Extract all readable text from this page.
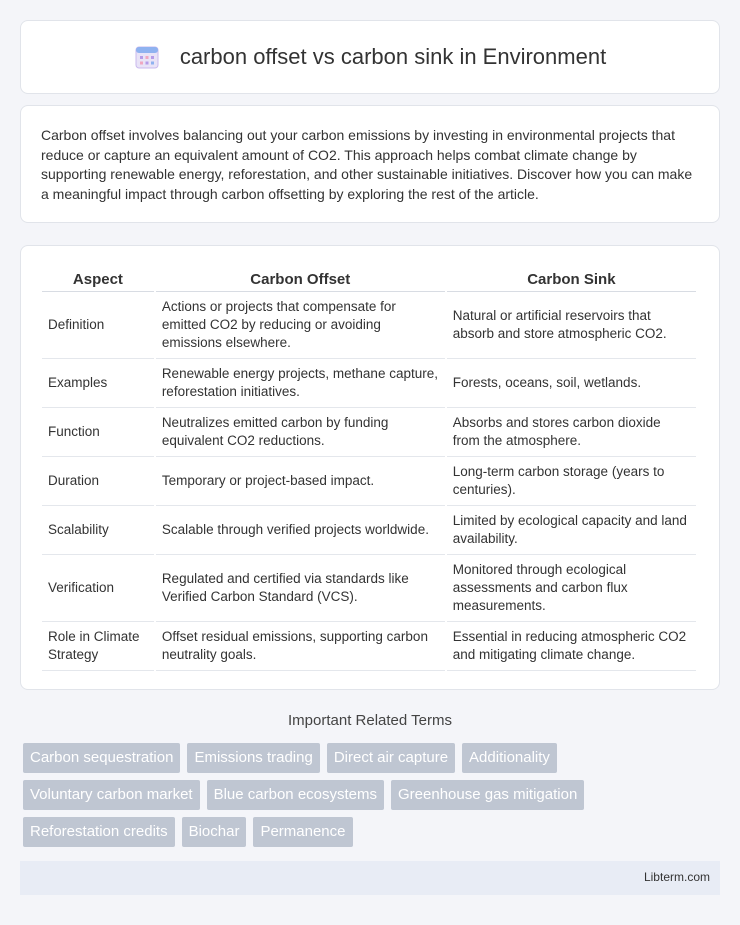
carbon offset vs carbon sink in Environment

Carbon offset involves balancing out your carbon emissions by investing in environmental projects that reduce or capture an equivalent amount of CO2. This approach helps combat climate change by supporting renewable energy, reforestation, and other sustainable initiatives. Discover how you can make a meaningful impact through carbon offsetting by exploring the rest of the article.

Aspect	Carbon Offset	Carbon Sink
Definition	Actions or projects that compensate for emitted CO2 by reducing or avoiding emissions elsewhere.	Natural or artificial reservoirs that absorb and store atmospheric CO2.
Examples	Renewable energy projects, methane capture, reforestation initiatives.	Forests, oceans, soil, wetlands.
Function	Neutralizes emitted carbon by funding equivalent CO2 reductions.	Absorbs and stores carbon dioxide from the atmosphere.
Duration	Temporary or project-based impact.	Long-term carbon storage (years to centuries).
Scalability	Scalable through verified projects worldwide.	Limited by ecological capacity and land availability.
Verification	Regulated and certified via standards like Verified Carbon Standard (VCS).	Monitored through ecological assessments and carbon flux measurements.
Role in Climate Strategy	Offset residual emissions, supporting carbon neutrality goals.	Essential in reducing atmospheric CO2 and mitigating climate change.
Important Related Terms
Carbon sequestration	Emissions trading	Direct air capture	Additionality
Voluntary carbon market	Blue carbon ecosystems	Greenhouse gas mitigation
Reforestation credits	Biochar	Permanence
Libterm.com
